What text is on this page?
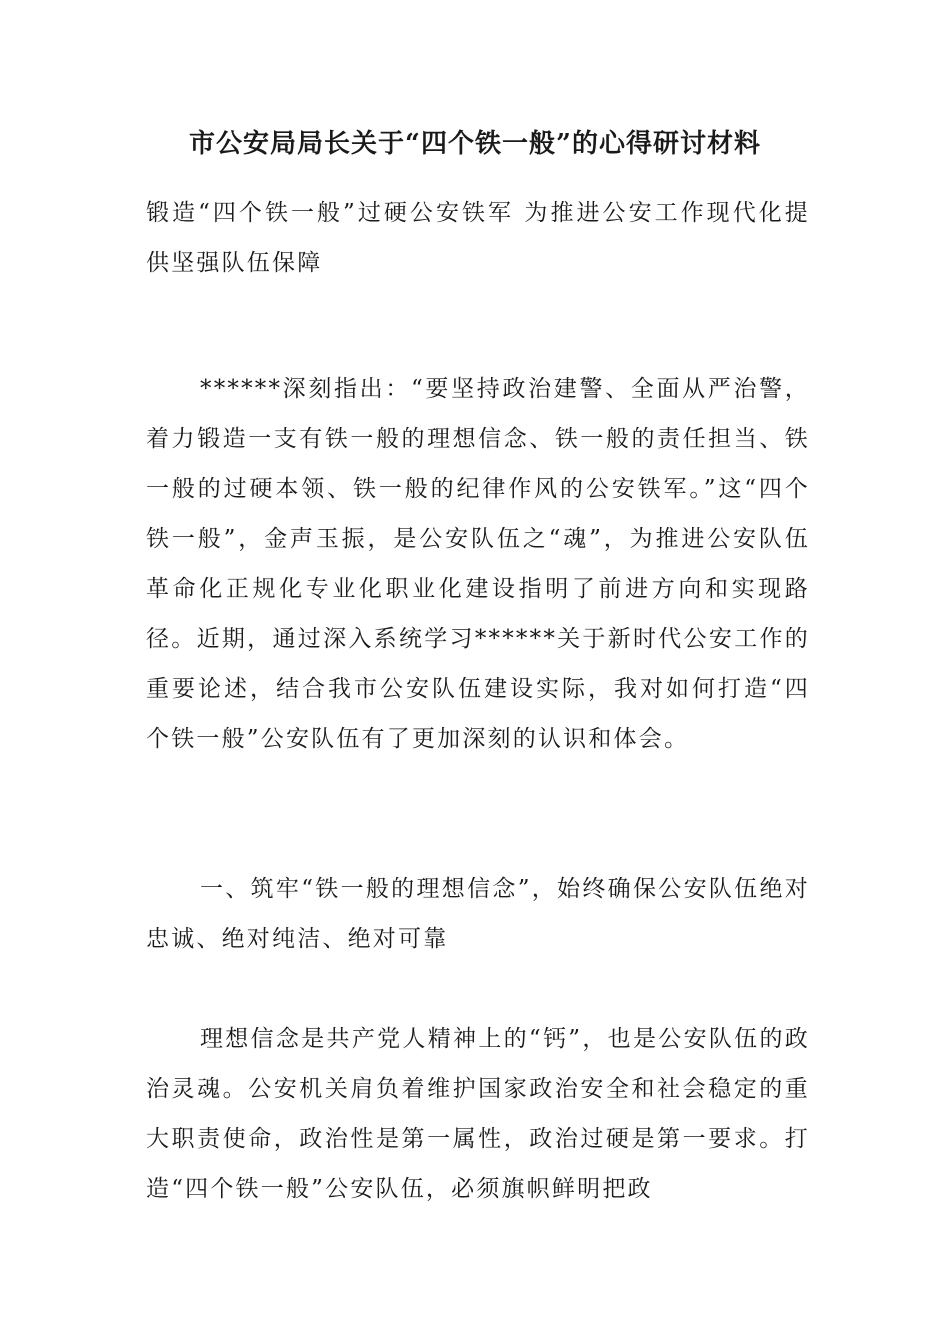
市公安局局长关于“四个铁一般”的心得研讨材料

锻造“四个铁一般”过硬公安铁军 为推进公安工作现代化提供坚强队伍保障

******深刻指出：“要坚持政治建警、全面从严治警，着力锻造一支有铁一般的理想信念、铁一般的责任担当、铁一般的过硬本领、铁一般的纪律作风的公安铁军。”这“四个铁一般”，金声玉振，是公安队伍之“魂”，为推进公安队伍革命化正规化专业化职业化建设指明了前进方向和实现路径。近期，通过深入系统学习******关于新时代公安工作的重要论述，结合我市公安队伍建设实际，我对如何打造“四个铁一般”公安队伍有了更加深刻的认识和体会。

一、筑牢“铁一般的理想信念”，始终确保公安队伍绝对忠诚、绝对纯洁、绝对可靠

理想信念是共产党人精神上的“钙”，也是公安队伍的政治灵魂。公安机关肩负着维护国家政治安全和社会稳定的重大职责使命，政治性是第一属性，政治过硬是第一要求。打造“四个铁一般”公安队伍，必须旗帜鲜明把政
